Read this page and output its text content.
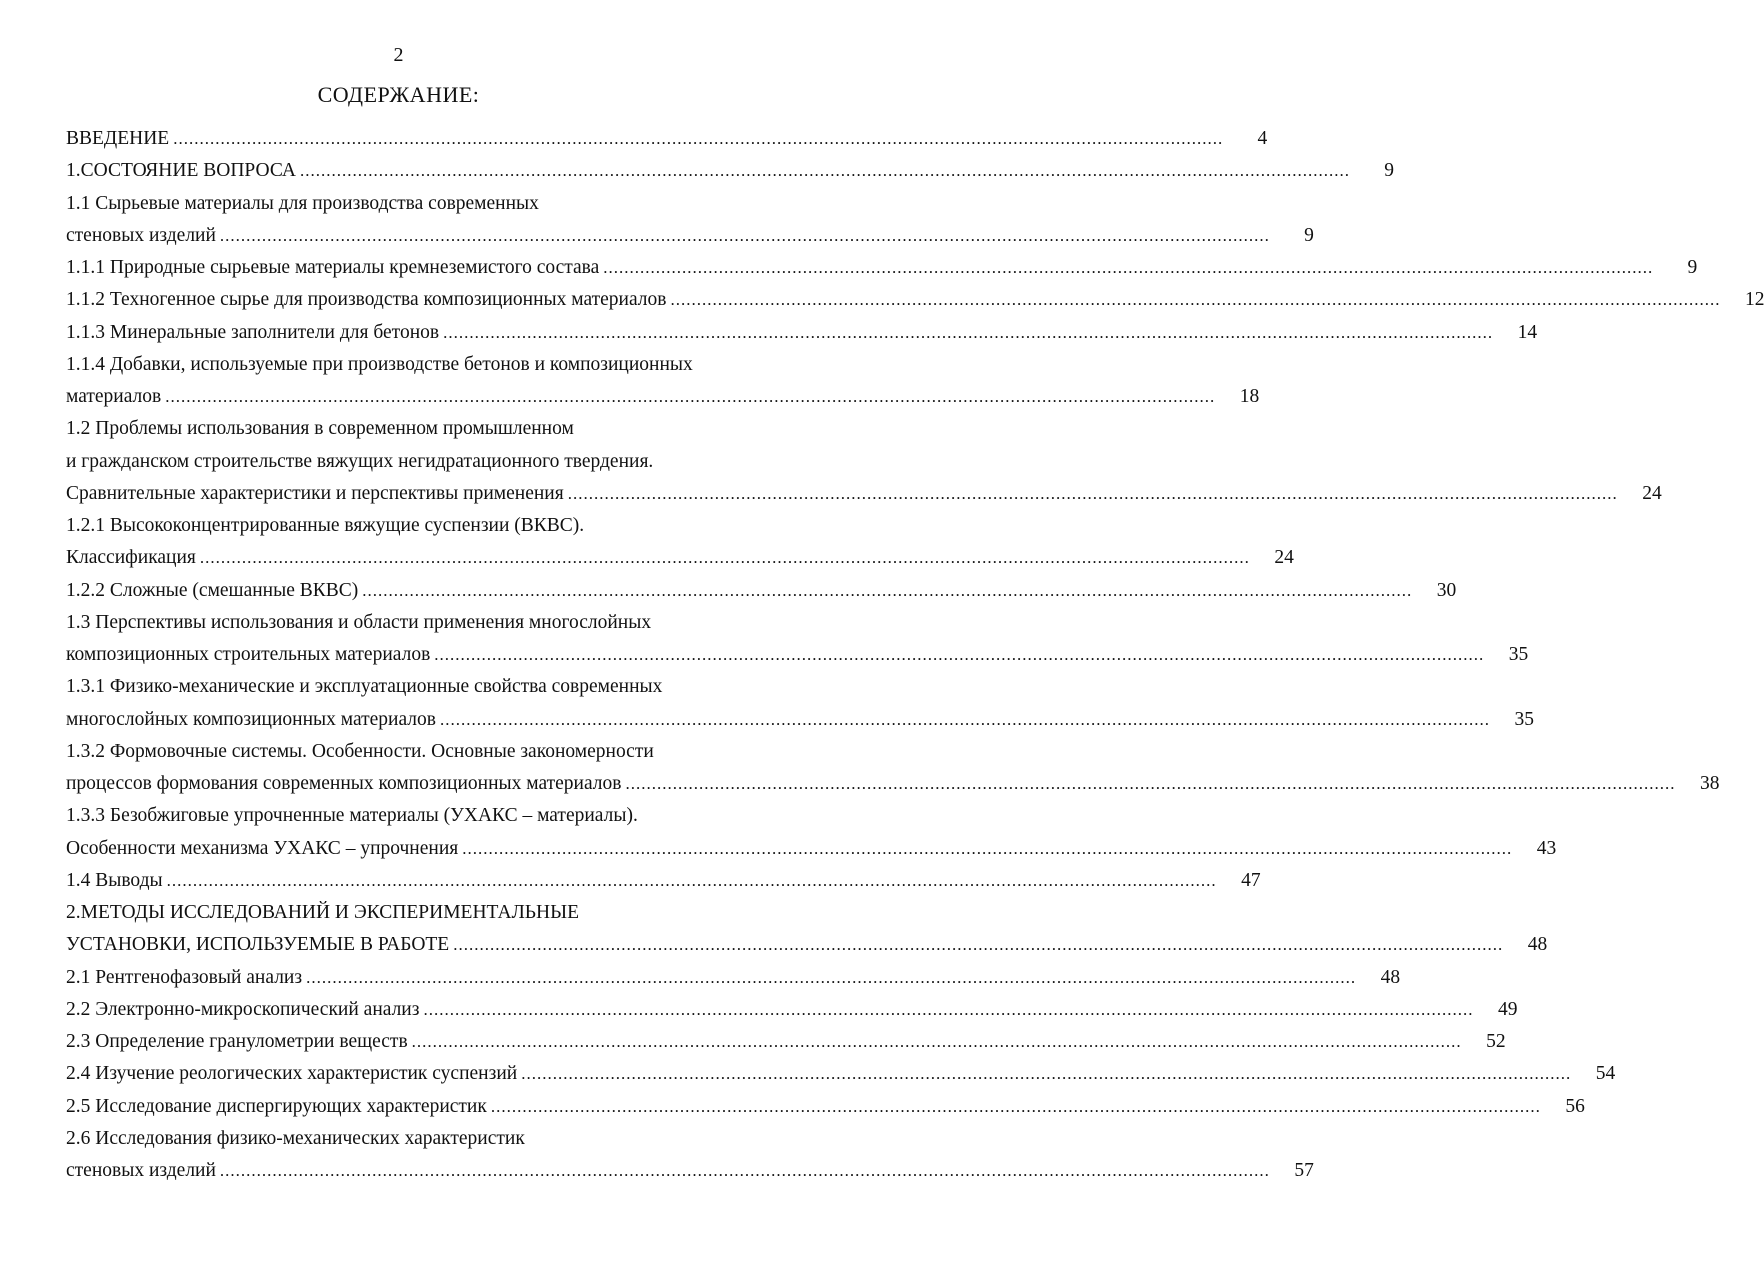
2
СОДЕРЖАНИЕ:
ВВЕДЕНИЕ ........................................................................................................................................................................................................	4
1.СОСТОЯНИЕ ВОПРОСА ........................................................................................................................................................................................................	9
1.1 Сырьевые материалы для производства современных
стеновых изделий ........................................................................................................................................................................................................	9
1.1.1 Природные сырьевые материалы кремнеземистого состава ........................................................................................................................................................................................................	9
1.1.2 Техногенное сырье для производства композиционных материалов ........................................................................................................................................................................................................	12
1.1.3 Минеральные заполнители для бетонов ........................................................................................................................................................................................................	14
1.1.4 Добавки, используемые при производстве бетонов и композиционных
материалов ........................................................................................................................................................................................................	18
1.2 Проблемы использования в современном промышленном
и гражданском строительстве вяжущих негидратационного твердения.
Сравнительные характеристики и перспективы применения ........................................................................................................................................................................................................	24
1.2.1 Высококонцентрированные вяжущие суспензии (ВКВС).
Классификация ........................................................................................................................................................................................................	24
1.2.2 Сложные (смешанные ВКВС) ........................................................................................................................................................................................................	30
1.3 Перспективы использования и области применения многослойных
композиционных строительных материалов ........................................................................................................................................................................................................	35
1.3.1 Физико-механические и эксплуатационные свойства современных
многослойных композиционных материалов ........................................................................................................................................................................................................	35
1.3.2 Формовочные системы. Особенности. Основные закономерности
процессов формования современных композиционных материалов ........................................................................................................................................................................................................	38
1.3.3 Безобжиговые упрочненные материалы (УХАКС – материалы).
Особенности механизма УХАКС – упрочнения ........................................................................................................................................................................................................	43
1.4 Выводы ........................................................................................................................................................................................................	47
2.МЕТОДЫ ИССЛЕДОВАНИЙ И ЭКСПЕРИМЕНТАЛЬНЫЕ
УСТАНОВКИ, ИСПОЛЬЗУЕМЫЕ В РАБОТЕ ........................................................................................................................................................................................................	48
2.1 Рентгенофазовый анализ ........................................................................................................................................................................................................	48
2.2 Электронно-микроскопический анализ ........................................................................................................................................................................................................	49
2.3 Определение гранулометрии веществ ........................................................................................................................................................................................................	52
2.4 Изучение реологических характеристик суспензий ........................................................................................................................................................................................................	54
2.5 Исследование диспергирующих характеристик ........................................................................................................................................................................................................	56
2.6 Исследования физико-механических характеристик
стеновых изделий ........................................................................................................................................................................................................	57
